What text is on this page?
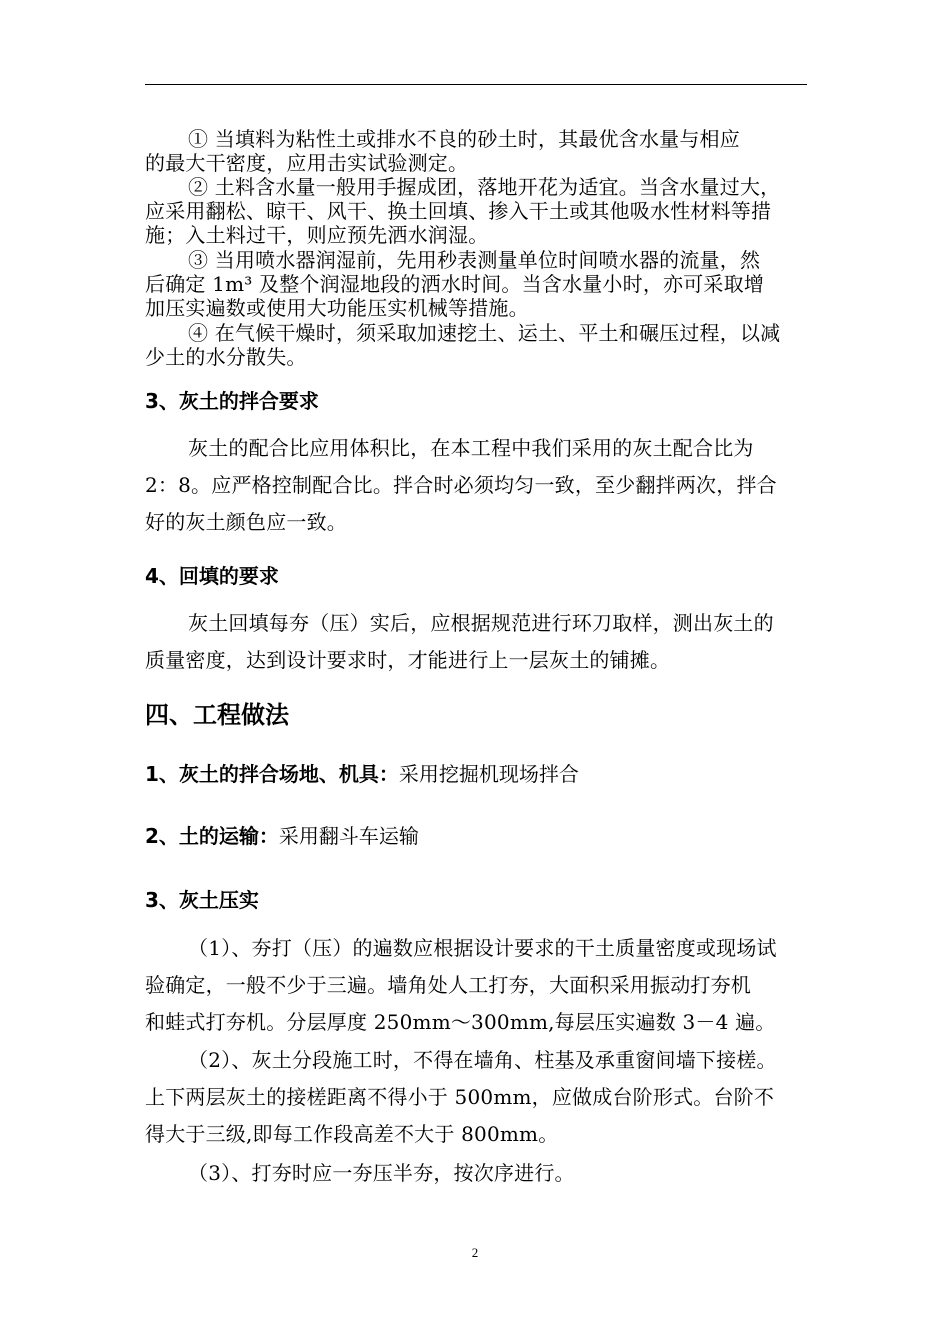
① 当填料为粘性土或排水不良的砂土时，其最优含水量与相应
的最大干密度，应用击实试验测定。
② 土料含水量一般用手握成团，落地开花为适宜。当含水量过大，
应采用翻松、晾干、风干、换土回填、掺入干土或其他吸水性材料等措
施；入土料过干，则应预先洒水润湿。
③ 当用喷水器润湿前，先用秒表测量单位时间喷水器的流量，然
后确定 1m³ 及整个润湿地段的洒水时间。当含水量小时，亦可采取增
加压实遍数或使用大功能压实机械等措施。
④ 在气候干燥时，须采取加速挖土、运土、平土和碾压过程，以减
少土的水分散失。
3、灰土的拌合要求
灰土的配合比应用体积比，在本工程中我们采用的灰土配合比为
2：8。应严格控制配合比。拌合时必须均匀一致，至少翻拌两次，拌合
好的灰土颜色应一致。
4、回填的要求
灰土回填每夯（压）实后，应根据规范进行环刀取样，测出灰土的
质量密度，达到设计要求时，才能进行上一层灰土的铺摊。
四、工程做法
1、灰土的拌合场地、机具：采用挖掘机现场拌合
2、土的运输：采用翻斗车运输
3、灰土压实
（1）、夯打（压）的遍数应根据设计要求的干土质量密度或现场试
验确定，一般不少于三遍。墙角处人工打夯，大面积采用振动打夯机
和蛙式打夯机。分层厚度 250mm～300mm,每层压实遍数 3－4 遍。
（2）、灰土分段施工时，不得在墙角、柱基及承重窗间墙下接槎。
上下两层灰土的接槎距离不得小于 500mm，应做成台阶形式。台阶不
得大于三级,即每工作段高差不大于 800mm。
（3）、打夯时应一夯压半夯，按次序进行。
2
